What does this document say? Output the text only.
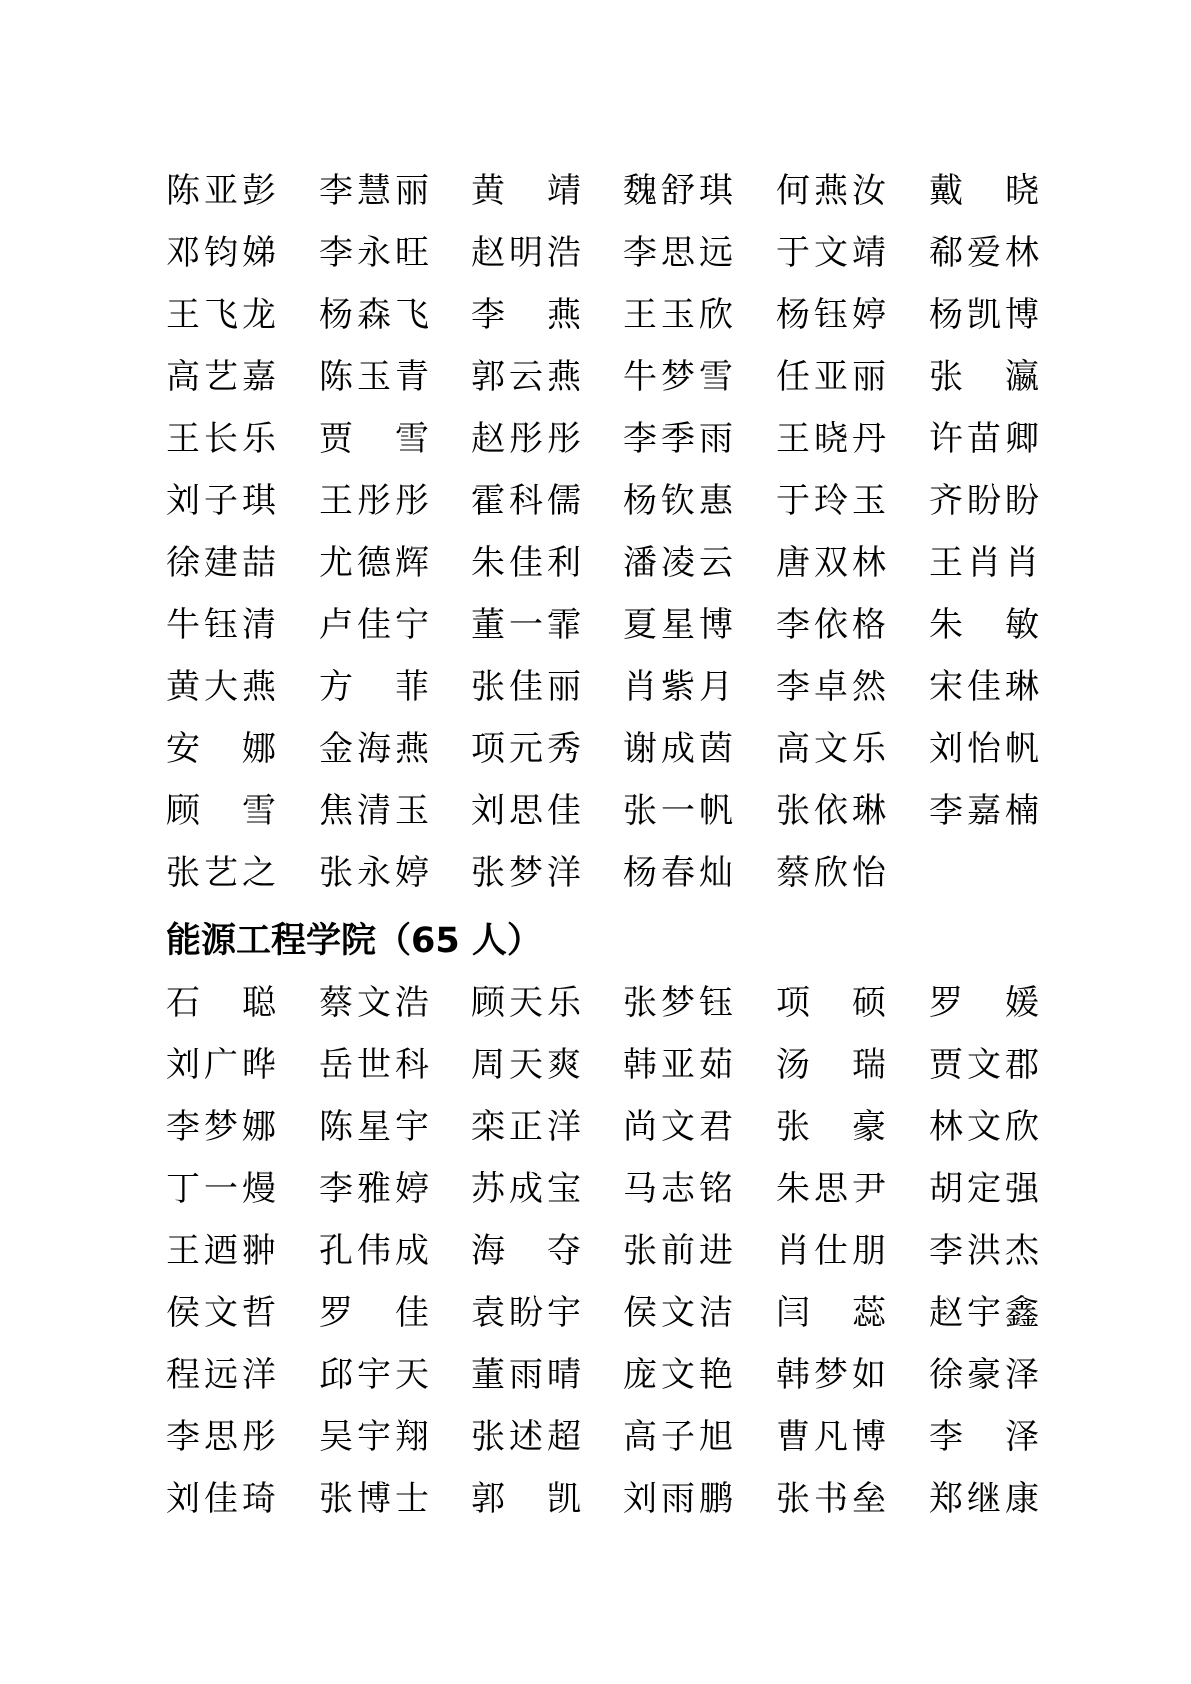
陈 亚 彭 李 慧 丽 黄 靖 魏 舒 琪 何 燕 汝 戴 晓
邓 钧 娣 李 永 旺 赵 明 浩 李 思 远 于 文 靖 郗 爱 林
王 飞 龙 杨 森 飞 李 燕 王 玉 欣 杨 钰 婷 杨 凯 博
高 艺 嘉 陈 玉 青 郭 云 燕 牛 梦 雪 任 亚 丽 张 瀛
王 长 乐 贾 雪 赵 彤 彤 李 季 雨 王 晓 丹 许 苗 卿
刘 子 琪 王 彤 彤 霍 科 儒 杨 钦 惠 于 玲 玉 齐 盼 盼
徐 建 喆 尤 德 辉 朱 佳 利 潘 凌 云 唐 双 林 王 肖 肖
牛 钰 清 卢 佳 宁 董 一 霏 夏 星 博 李 依 格 朱 敏
黄 大 燕 方 菲 张 佳 丽 肖 紫 月 李 卓 然 宋 佳 琳
安 娜 金 海 燕 项 元 秀 谢 成 茵 高 文 乐 刘 怡 帆
顾 雪 焦 清 玉 刘 思 佳 张 一 帆 张 依 琳 李 嘉 楠
张 艺 之 张 永 婷 张 梦 洋 杨 春 灿 蔡 欣 怡
能源工程学院（65 人）
石 聪 蔡 文 浩 顾 天 乐 张 梦 钰 项 硕 罗 媛
刘 广 晔 岳 世 科 周 天 爽 韩 亚 茹 汤 瑞 贾 文 郡
李 梦 娜 陈 星 宇 栾 正 洋 尚 文 君 张 豪 林 文 欣
丁 一 熳 李 雅 婷 苏 成 宝 马 志 铭 朱 思 尹 胡 定 强
王 迺 翀 孔 伟 成 海 夺 张 前 进 肖 仕 朋 李 洪 杰
侯 文 哲 罗 佳 袁 盼 宇 侯 文 洁 闫 蕊 赵 宇 鑫
程 远 洋 邱 宇 天 董 雨 晴 庞 文 艳 韩 梦 如 徐 豪 泽
李 思 彤 吴 宇 翔 张 述 超 高 子 旭 曹 凡 博 李 泽
刘 佳 琦 张 博 士 郭 凯 刘 雨 鹏 张 书 垒 郑 继 康
